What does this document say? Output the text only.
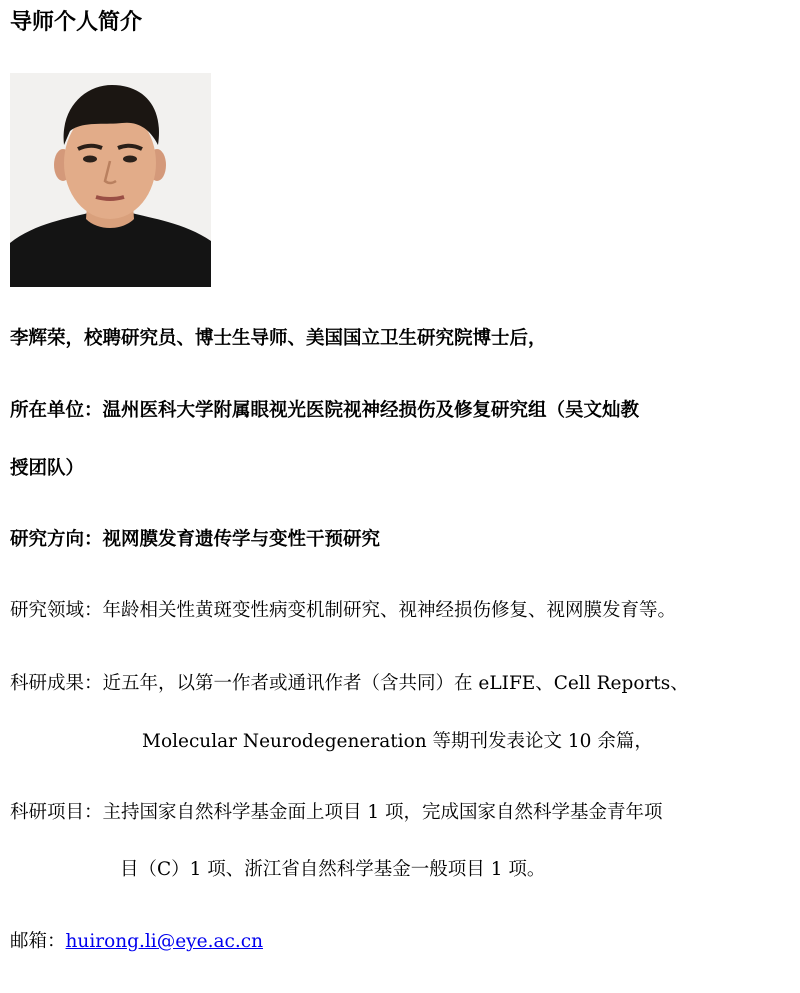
导师个人简介
李辉荣，校聘研究员、博士生导师、美国国立卫生研究院博士后，
所在单位：温州医科大学附属眼视光医院视神经损伤及修复研究组（吴文灿教
授团队）
研究方向：视网膜发育遗传学与变性干预研究
研究领域：年龄相关性黄斑变性病变机制研究、视神经损伤修复、视网膜发育等。
科研成果：近五年，以第一作者或通讯作者（含共同）在 eLIFE、Cell Reports、
Molecular Neurodegeneration 等期刊发表论文 10 余篇，
科研项目：主持国家自然科学基金面上项目 1 项，完成国家自然科学基金青年项
目（C）1 项、浙江省自然科学基金一般项目 1 项。
邮箱：huirong.li@eye.ac.cn
